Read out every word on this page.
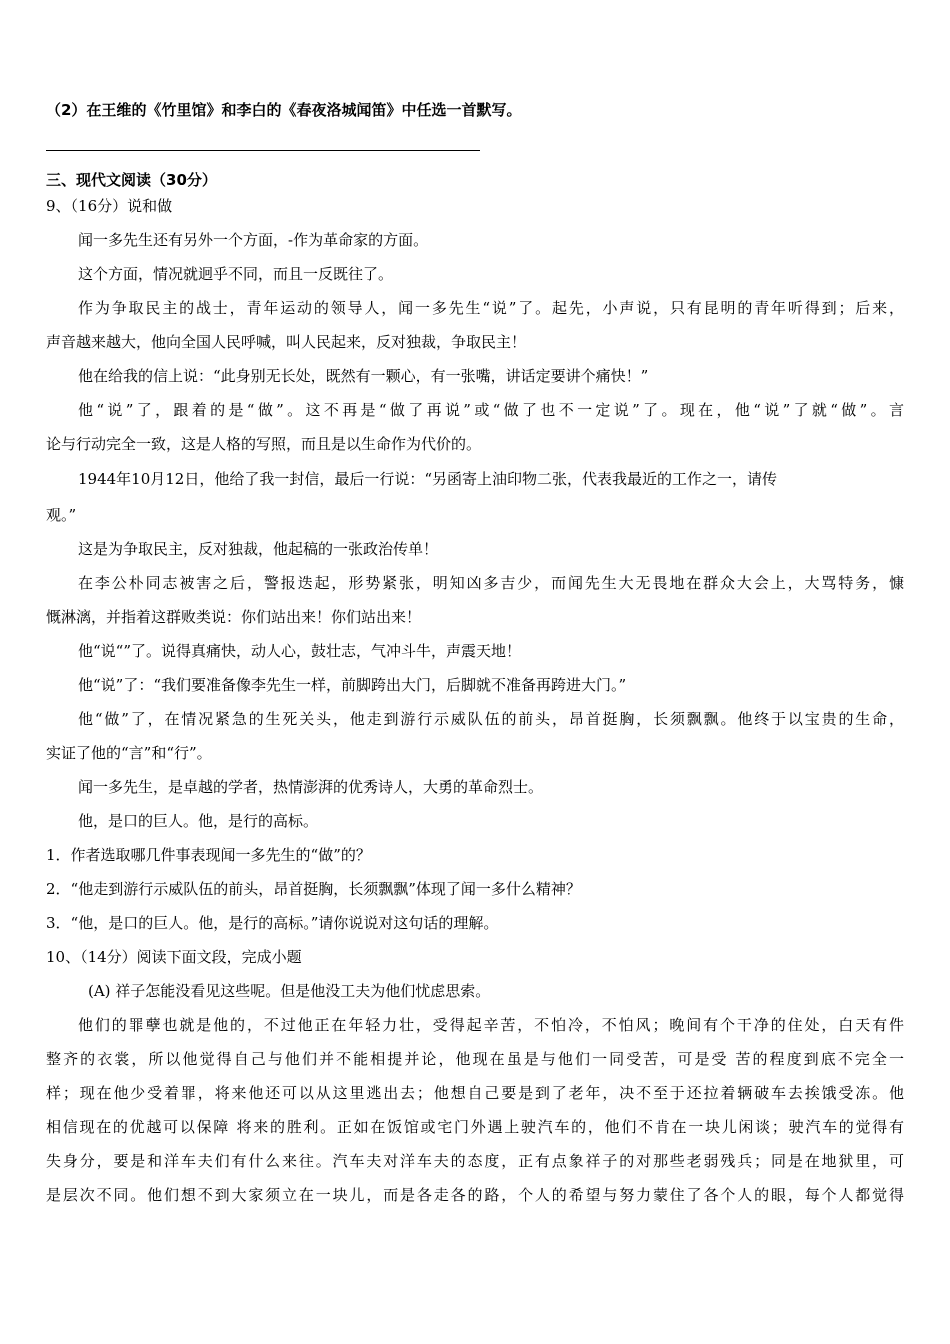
（2）在王维的《竹里馆》和李白的《春夜洛城闻笛》中任选一首默写。
三、现代文阅读（30分）
9、（16分）说和做
闻一多先生还有另外一个方面，-作为革命家的方面。
这个方面，情况就迥乎不同，而且一反既往了。
作为争取民主的战士，青年运动的领导人，闻一多先生“说”了。起先，小声说，只有昆明的青年听得到；后来，
声音越来越大，他向全国人民呼喊，叫人民起来，反对独裁，争取民主！
他在给我的信上说：“此身别无长处，既然有一颗心，有一张嘴，讲话定要讲个痛快！”
他“说”了，跟着的是“做”。这不再是“做了再说”或“做了也不一定说”了。现在，他“说”了就“做”。言
论与行动完全一致，这是人格的写照，而且是以生命作为代价的。
1944年10月12日，他给了我一封信，最后一行说：“另函寄上油印物二张，代表我最近的工作之一，请传
观。”
这是为争取民主，反对独裁，他起稿的一张政治传单！
在李公朴同志被害之后，警报迭起，形势紧张，明知凶多吉少，而闻先生大无畏地在群众大会上，大骂特务，慷
慨淋漓，并指着这群败类说：你们站出来！你们站出来！
他“说“”了。说得真痛快，动人心，鼓壮志，气冲斗牛，声震天地！
他“说”了：“我们要准备像李先生一样，前脚跨出大门，后脚就不准备再跨进大门。”
他“做”了，在情况紧急的生死关头，他走到游行示威队伍的前头，昂首挺胸，长须飘飘。他终于以宝贵的生命，
实证了他的“言”和“行”。
闻一多先生，是卓越的学者，热情澎湃的优秀诗人，大勇的革命烈士。
他，是口的巨人。他，是行的高标。
1．作者选取哪几件事表现闻一多先生的“做”的？
2．“他走到游行示威队伍的前头，昂首挺胸，长须飘飘”体现了闻一多什么精神？
3．“他，是口的巨人。他，是行的高标。”请你说说对这句话的理解。
10、（14分）阅读下面文段，完成小题
(A) 祥子怎能没看见这些呢。但是他没工夫为他们忧虑思索。
他们的罪孽也就是他的，不过他正在年轻力壮，受得起辛苦，不怕冷，不怕风；晚间有个干净的住处，白天有件
整齐的衣裳，所以他觉得自己与他们并不能相提并论，他现在虽是与他们一同受苦，可是受 苦的程度到底不完全一
样；现在他少受着罪，将来他还可以从这里逃出去；他想自己要是到了老年，决不至于还拉着辆破车去挨饿受冻。他
相信现在的优越可以保障 将来的胜利。正如在饭馆或宅门外遇上驶汽车的，他们不肯在一块儿闲谈；驶汽车的觉得有
失身分，要是和洋车夫们有什么来往。汽车夫对洋车夫的态度，正有点象祥子的对那些老弱残兵；同是在地狱里，可
是层次不同。他们想不到大家须立在一块儿，而是各走各的路，个人的希望与努力蒙住了各个人的眼，每个人都觉得
